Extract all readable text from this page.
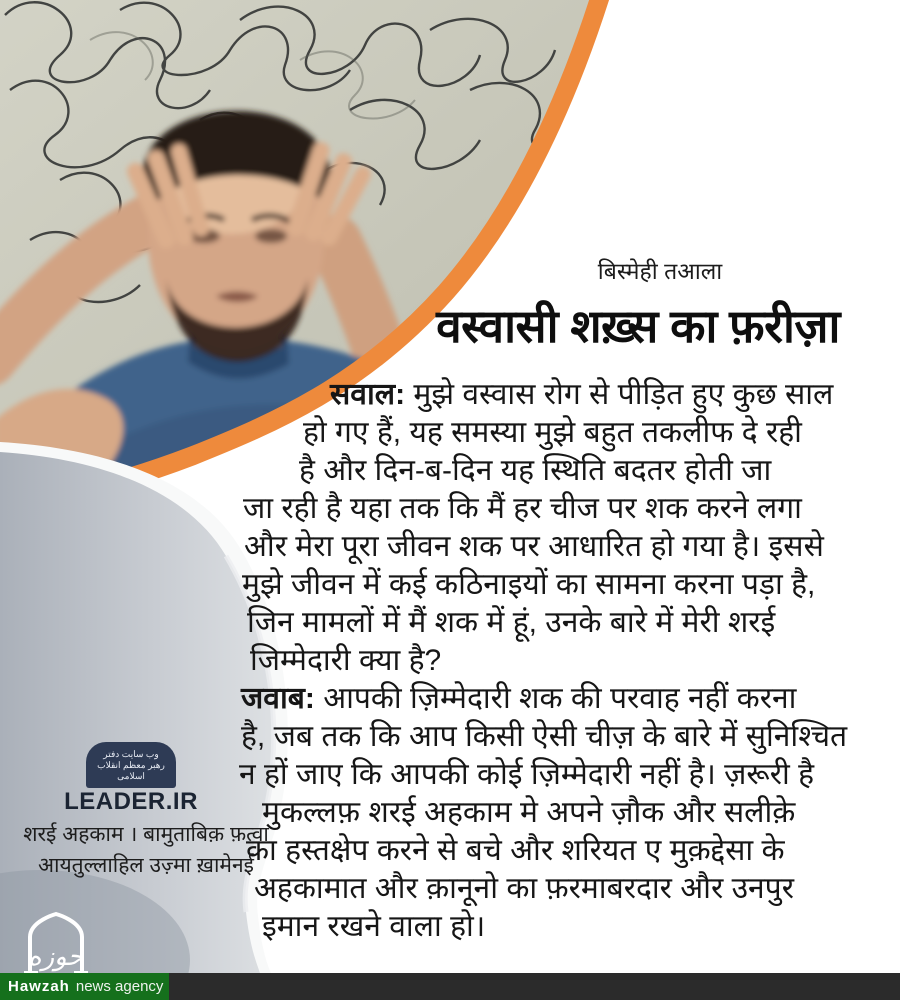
حوزه
बिस्मेही तआला
वस्वासी शख़्स का फ़रीज़ा
सवाल: मुझे वस्वास रोग से पीड़ित हुए कुछ साल
हो गए हैं, यह समस्या मुझे बहुत तकलीफ दे रही
है और दिन-ब-दिन यह स्थिति बदतर होती जा
जा रही है यहा तक कि मैं हर चीज पर शक करने लगा
और मेरा पूरा जीवन शक पर आधारित हो गया है। इससे
मुझे जीवन में कई कठिनाइयों का सामना करना पड़ा है,
जिन मामलों में मैं शक में हूं, उनके बारे में मेरी शरई
जिम्मेदारी क्या है?
जवाब: आपकी ज़िम्मेदारी शक की परवाह नहीं करना
है, जब तक कि आप किसी ऐसी चीज़ के बारे में सुनिश्चित
न हों जाए कि आपकी कोई ज़िम्मेदारी नहीं है। ज़रूरी है
मुकल्लफ़ शरई अहकाम मे अपने ज़ौक और सलीक़े
का हस्तक्षेप करने से बचे और शरियत ए मुक़द्देसा के
अहकामात और क़ानूनो का फ़रमाबरदार और उनपुर
इमान रखने वाला हो।
وب سایت دفتر
رهبر معظم انقلاب اسلامی
LEADER.IR
शरई अहकाम । बामुताबिक़ फ़त्वा
आयतुल्लाहिल उज़्मा ख़ामेनई
Hawzah news agency
